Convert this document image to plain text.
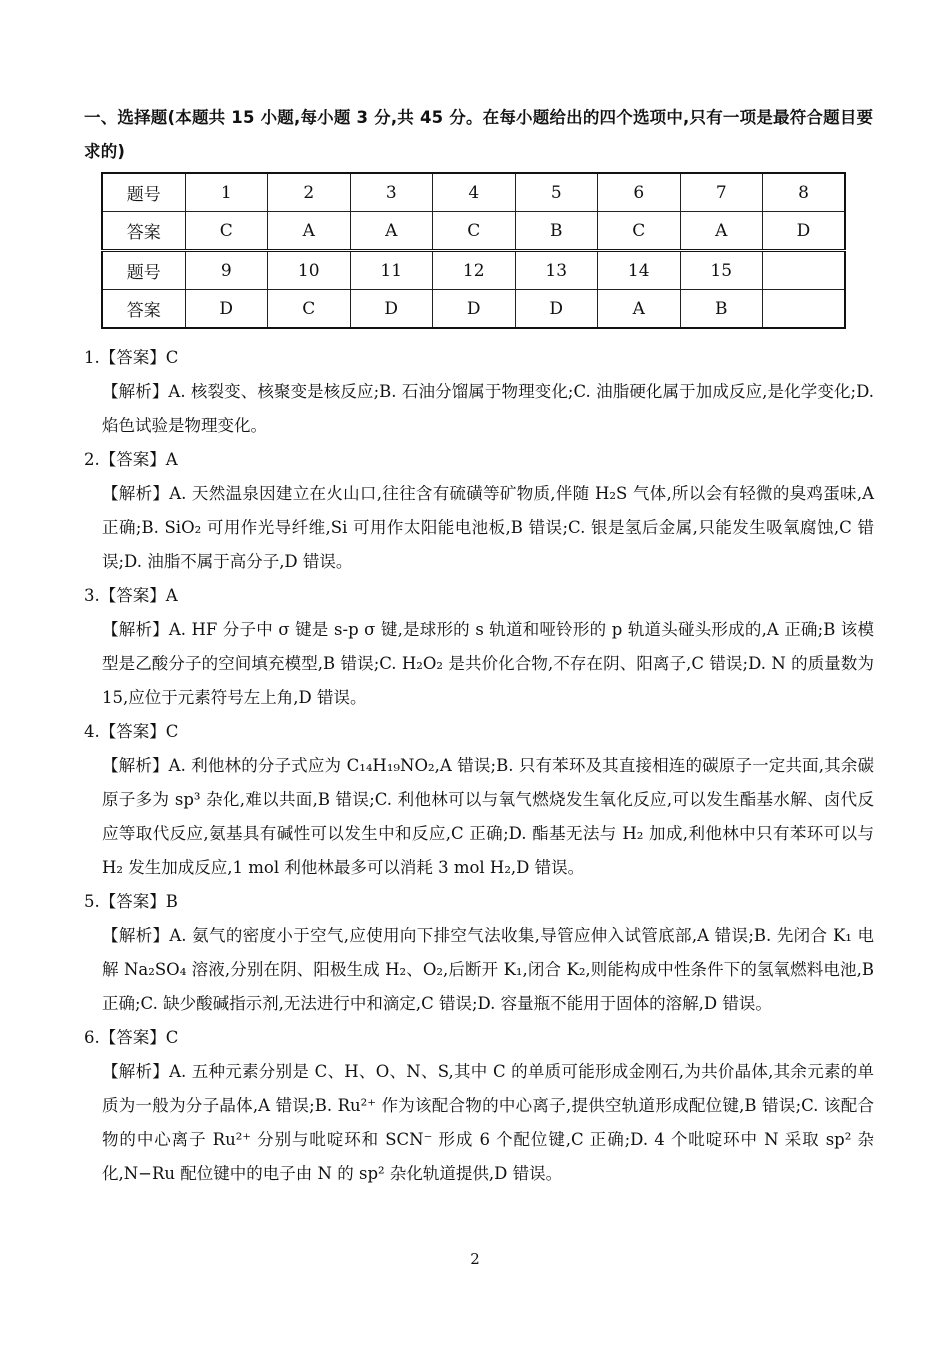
一、选择题(本题共 15 小题,每小题 3 分,共 45 分。在每小题给出的四个选项中,只有一项是最符合题目要求的)
题号	1	2	3	4	5	6	7	8
答案	C	A	A	C	B	C	A	D
题号	9	10	11	12	13	14	15	
答案	D	C	D	D	D	A	B	
1.【答案】C
【解析】A. 核裂变、核聚变是核反应;B. 石油分馏属于物理变化;C. 油脂硬化属于加成反应,是化学变化;D. 焰色试验是物理变化。
2.【答案】A
【解析】A. 天然温泉因建立在火山口,往往含有硫磺等矿物质,伴随 H₂S 气体,所以会有轻微的臭鸡蛋味,A 正确;B. SiO₂ 可用作光导纤维,Si 可用作太阳能电池板,B 错误;C. 银是氢后金属,只能发生吸氧腐蚀,C 错误;D. 油脂不属于高分子,D 错误。
3.【答案】A
【解析】A. HF 分子中 σ 键是 s-p σ 键,是球形的 s 轨道和哑铃形的 p 轨道头碰头形成的,A 正确;B 该模型是乙酸分子的空间填充模型,B 错误;C. H₂O₂ 是共价化合物,不存在阴、阳离子,C 错误;D. N 的质量数为 15,应位于元素符号左上角,D 错误。
4.【答案】C
【解析】A. 利他林的分子式应为 C₁₄H₁₉NO₂,A 错误;B. 只有苯环及其直接相连的碳原子一定共面,其余碳原子多为 sp³ 杂化,难以共面,B 错误;C. 利他林可以与氧气燃烧发生氧化反应,可以发生酯基水解、卤代反应等取代反应,氨基具有碱性可以发生中和反应,C 正确;D. 酯基无法与 H₂ 加成,利他林中只有苯环可以与 H₂ 发生加成反应,1 mol 利他林最多可以消耗 3 mol H₂,D 错误。
5.【答案】B
【解析】A. 氨气的密度小于空气,应使用向下排空气法收集,导管应伸入试管底部,A 错误;B. 先闭合 K₁ 电解 Na₂SO₄ 溶液,分别在阴、阳极生成 H₂、O₂,后断开 K₁,闭合 K₂,则能构成中性条件下的氢氧燃料电池,B 正确;C. 缺少酸碱指示剂,无法进行中和滴定,C 错误;D. 容量瓶不能用于固体的溶解,D 错误。
6.【答案】C
【解析】A. 五种元素分别是 C、H、O、N、S,其中 C 的单质可能形成金刚石,为共价晶体,其余元素的单质为一般为分子晶体,A 错误;B. Ru²⁺ 作为该配合物的中心离子,提供空轨道形成配位键,B 错误;C. 该配合物的中心离子 Ru²⁺ 分别与吡啶环和 SCN⁻ 形成 6 个配位键,C 正确;D. 4 个吡啶环中 N 采取 sp² 杂化,N−Ru 配位键中的电子由 N 的 sp² 杂化轨道提供,D 错误。
2
